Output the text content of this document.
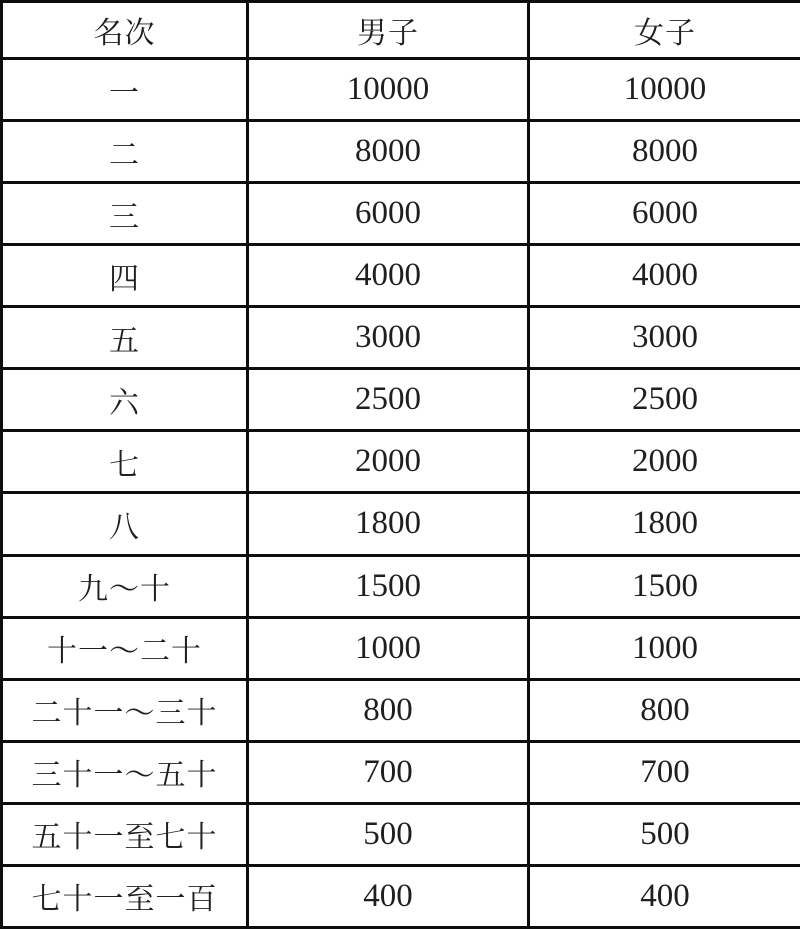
名次	男子	女子
一	10000	10000
二	8000	8000
三	6000	6000
四	4000	4000
五	3000	3000
六	2500	2500
七	2000	2000
八	1800	1800
九～十	1500	1500
十一～二十	1000	1000
二十一～三十	800	800
三十一～五十	700	700
五十一至七十	500	500
七十一至一百	400	400
